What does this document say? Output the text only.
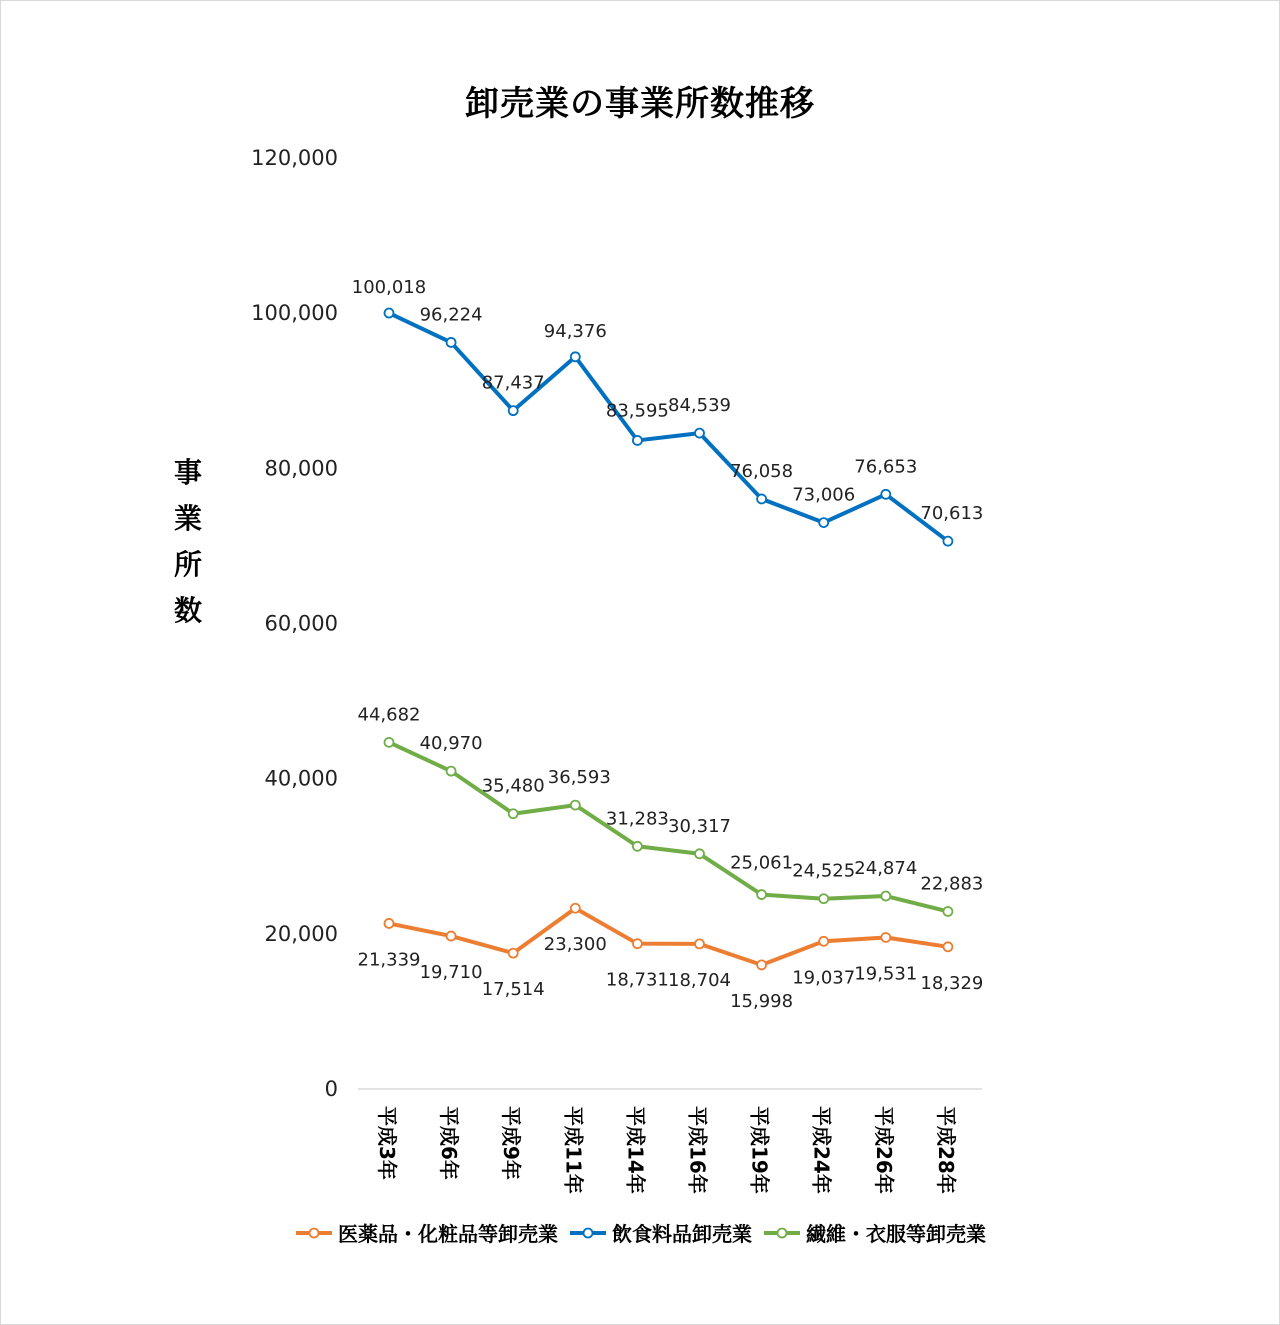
卸売業の事業所数推移
事
業
所
数
0
20,000
40,000
60,000
80,000
100,000
120,000
平成3年 平成6年 平成9年 平成11年 平成14年 平成16年 平成19年 平成24年 平成26年 平成28年
21,339
19,710
17,514
23,300
18,731 18,704
15,998
19,037 19,531 18,329
100,018
96,224
87,437
94,376
83,595 84,539
76,058
73,006
76,653
70,613
44,682
40,970
35,480 36,593
31,283 30,317
25,061 24,525 24,874
22,883
医薬品・化粧品等卸売業	飲食料品卸売業	繊維・衣服等卸売業
